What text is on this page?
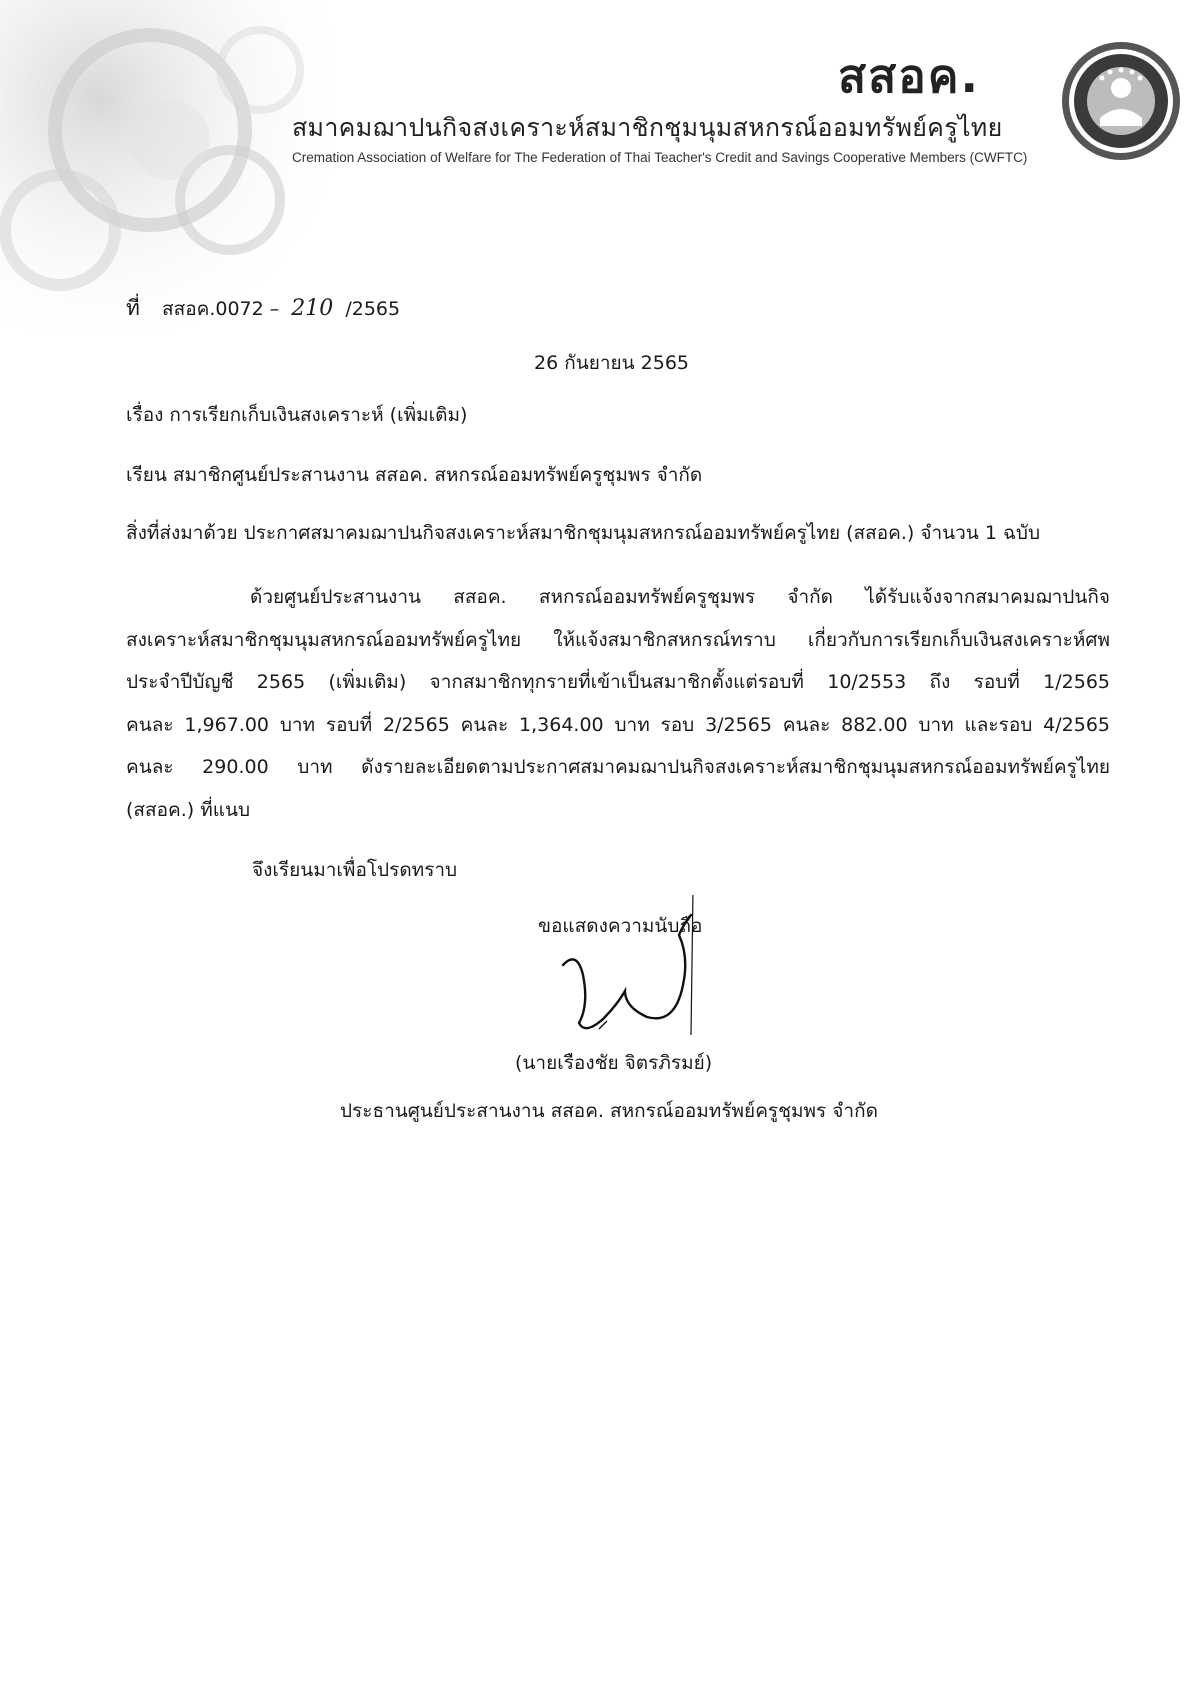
สสอค.
สมาคมฌาปนกิจสงเคราะห์สมาชิกชุมนุมสหกรณ์ออมทรัพย์ครูไทย
Cremation Association of Welfare for The Federation of Thai Teacher's Credit and Savings Cooperative Members (CWFTC)
ที่ สสอค.0072 – 210 /2565
26 กันยายน 2565
เรื่อง การเรียกเก็บเงินสงเคราะห์ (เพิ่มเติม)
เรียน สมาชิกศูนย์ประสานงาน สสอค. สหกรณ์ออมทรัพย์ครูชุมพร จำกัด
สิ่งที่ส่งมาด้วย ประกาศสมาคมฌาปนกิจสงเคราะห์สมาชิกชุมนุมสหกรณ์ออมทรัพย์ครูไทย (สสอค.) จำนวน 1 ฉบับ
ด้วยศูนย์ประสานงาน สสอค. สหกรณ์ออมทรัพย์ครูชุมพร จำกัด ได้รับแจ้งจากสมาคมฌาปนกิจ
สงเคราะห์สมาชิกชุมนุมสหกรณ์ออมทรัพย์ครูไทย ให้แจ้งสมาชิกสหกรณ์ทราบ เกี่ยวกับการเรียกเก็บเงินสงเคราะห์ศพ
ประจำปีบัญชี 2565 (เพิ่มเติม) จากสมาชิกทุกรายที่เข้าเป็นสมาชิกตั้งแต่รอบที่ 10/2553 ถึง รอบที่ 1/2565
คนละ 1,967.00 บาท รอบที่ 2/2565 คนละ 1,364.00 บาท รอบ 3/2565 คนละ 882.00 บาท และรอบ 4/2565
คนละ 290.00 บาท ดังรายละเอียดตามประกาศสมาคมฌาปนกิจสงเคราะห์สมาชิกชุมนุมสหกรณ์ออมทรัพย์ครูไทย
(สสอค.) ที่แนบ
จึงเรียนมาเพื่อโปรดทราบ
ขอแสดงความนับถือ
(นายเรืองชัย จิตรภิรมย์)
ประธานศูนย์ประสานงาน สสอค. สหกรณ์ออมทรัพย์ครูชุมพร จำกัด
